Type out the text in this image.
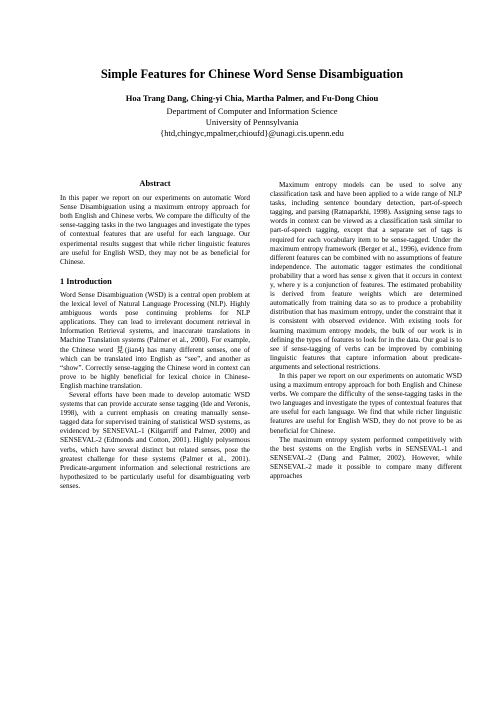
Simple Features for Chinese Word Sense Disambiguation
Hoa Trang Dang, Ching-yi Chia, Martha Palmer, and Fu-Dong Chiou
Department of Computer and Information Science
University of Pennsylvania
{htd,chingyc,mpalmer,chioufd}@unagi.cis.upenn.edu
Abstract

In this paper we report on our experiments on automatic Word Sense Disambiguation using a maximum entropy approach for both English and Chinese verbs. We compare the difficulty of the sense-tagging tasks in the two languages and investigate the types of contextual features that are useful for each language. Our experimental results suggest that while richer linguistic features are useful for English WSD, they may not be as beneficial for Chinese.

1 Introduction

Word Sense Disambiguation (WSD) is a central open problem at the lexical level of Natural Language Processing (NLP). Highly ambiguous words pose continuing problems for NLP applications. They can lead to irrelevant document retrieval in Information Retrieval systems, and inaccurate translations in Machine Translation systems (Palmer et al., 2000). For example, the Chinese word 見(jian4) has many different senses, one of which can be translated into English as “see”, and another as “show”. Correctly sense-tagging the Chinese word in context can prove to be highly beneficial for lexical choice in Chinese-English machine translation.

Several efforts have been made to develop automatic WSD systems that can provide accurate sense tagging (Ide and Veronis, 1998), with a current emphasis on creating manually sense-tagged data for supervised training of statistical WSD systems, as evidenced by SENSEVAL-1 (Kilgarriff and Palmer, 2000) and SENSEVAL-2 (Edmonds and Cotton, 2001). Highly polysemous verbs, which have several distinct but related senses, pose the greatest challenge for these systems (Palmer et al., 2001). Predicate-argument information and selectional restrictions are hypothesized to be particularly useful for disambiguating verb senses.

Maximum entropy models can be used to solve any classification task and have been applied to a wide range of NLP tasks, including sentence boundary detection, part-of-speech tagging, and parsing (Ratnaparkhi, 1998). Assigning sense tags to words in context can be viewed as a classification task similar to part-of-speech tagging, except that a separate set of tags is required for each vocabulary item to be sense-tagged. Under the maximum entropy framework (Berger et al., 1996), evidence from different features can be combined with no assumptions of feature independence. The automatic tagger estimates the conditional probability that a word has sense x given that it occurs in context y, where y is a conjunction of features. The estimated probability is derived from feature weights which are determined automatically from training data so as to produce a probability distribution that has maximum entropy, under the constraint that it is consistent with observed evidence. With existing tools for learning maximum entropy models, the bulk of our work is in defining the types of features to look for in the data. Our goal is to see if sense-tagging of verbs can be improved by combining linguistic features that capture information about predicate-arguments and selectional restrictions.

In this paper we report on our experiments on automatic WSD using a maximum entropy approach for both English and Chinese verbs. We compare the difficulty of the sense-tagging tasks in the two languages and investigate the types of contextual features that are useful for each language. We find that while richer linguistic features are useful for English WSD, they do not prove to be as beneficial for Chinese.

The maximum entropy system performed competitively with the best systems on the English verbs in SENSEVAL-1 and SENSEVAL-2 (Dang and Palmer, 2002). However, while SENSEVAL-2 made it possible to compare many different approaches
